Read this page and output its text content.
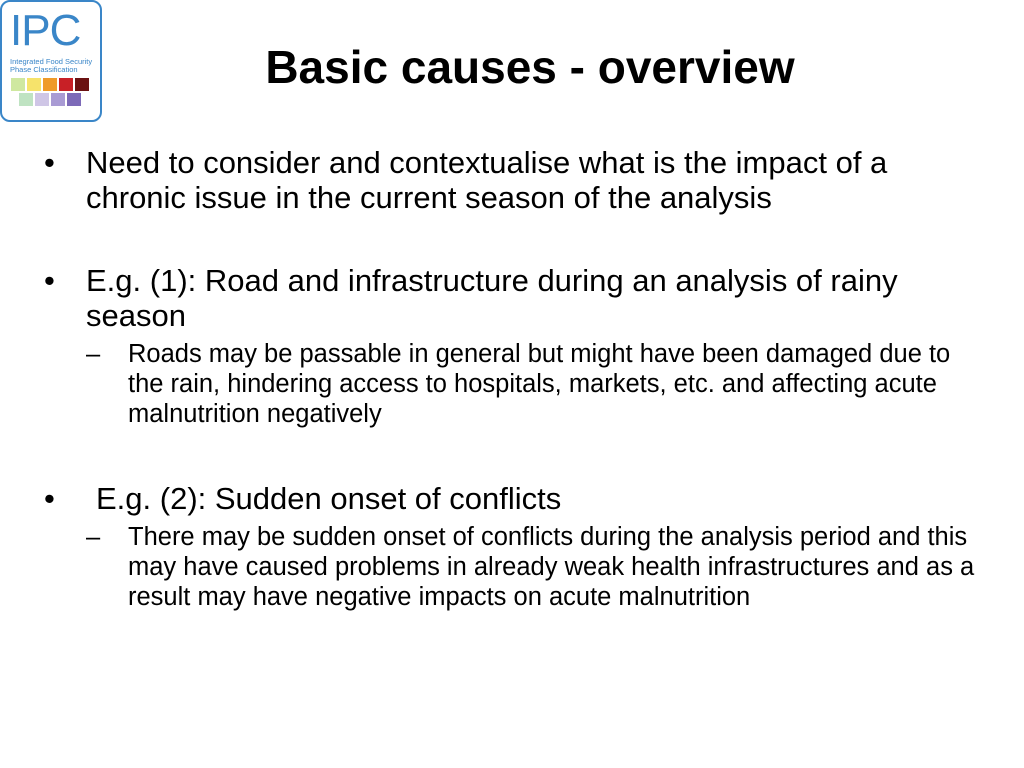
IPC
Integrated Food Security
Phase Classification	Basic causes - overview
• Need to consider and contextualise what is the impact of a chronic issue in the current season of the analysis
• E.g. (1): Road and infrastructure during an analysis of rainy season
– Roads may be passable in general but might have been damaged due to the rain, hindering access to hospitals, markets, etc. and affecting acute malnutrition negatively
•	E.g. (2): Sudden onset of conflicts
– There may be sudden onset of conflicts during the analysis period and this may have caused problems in already weak health infrastructures and as a result may have negative impacts on acute malnutrition
